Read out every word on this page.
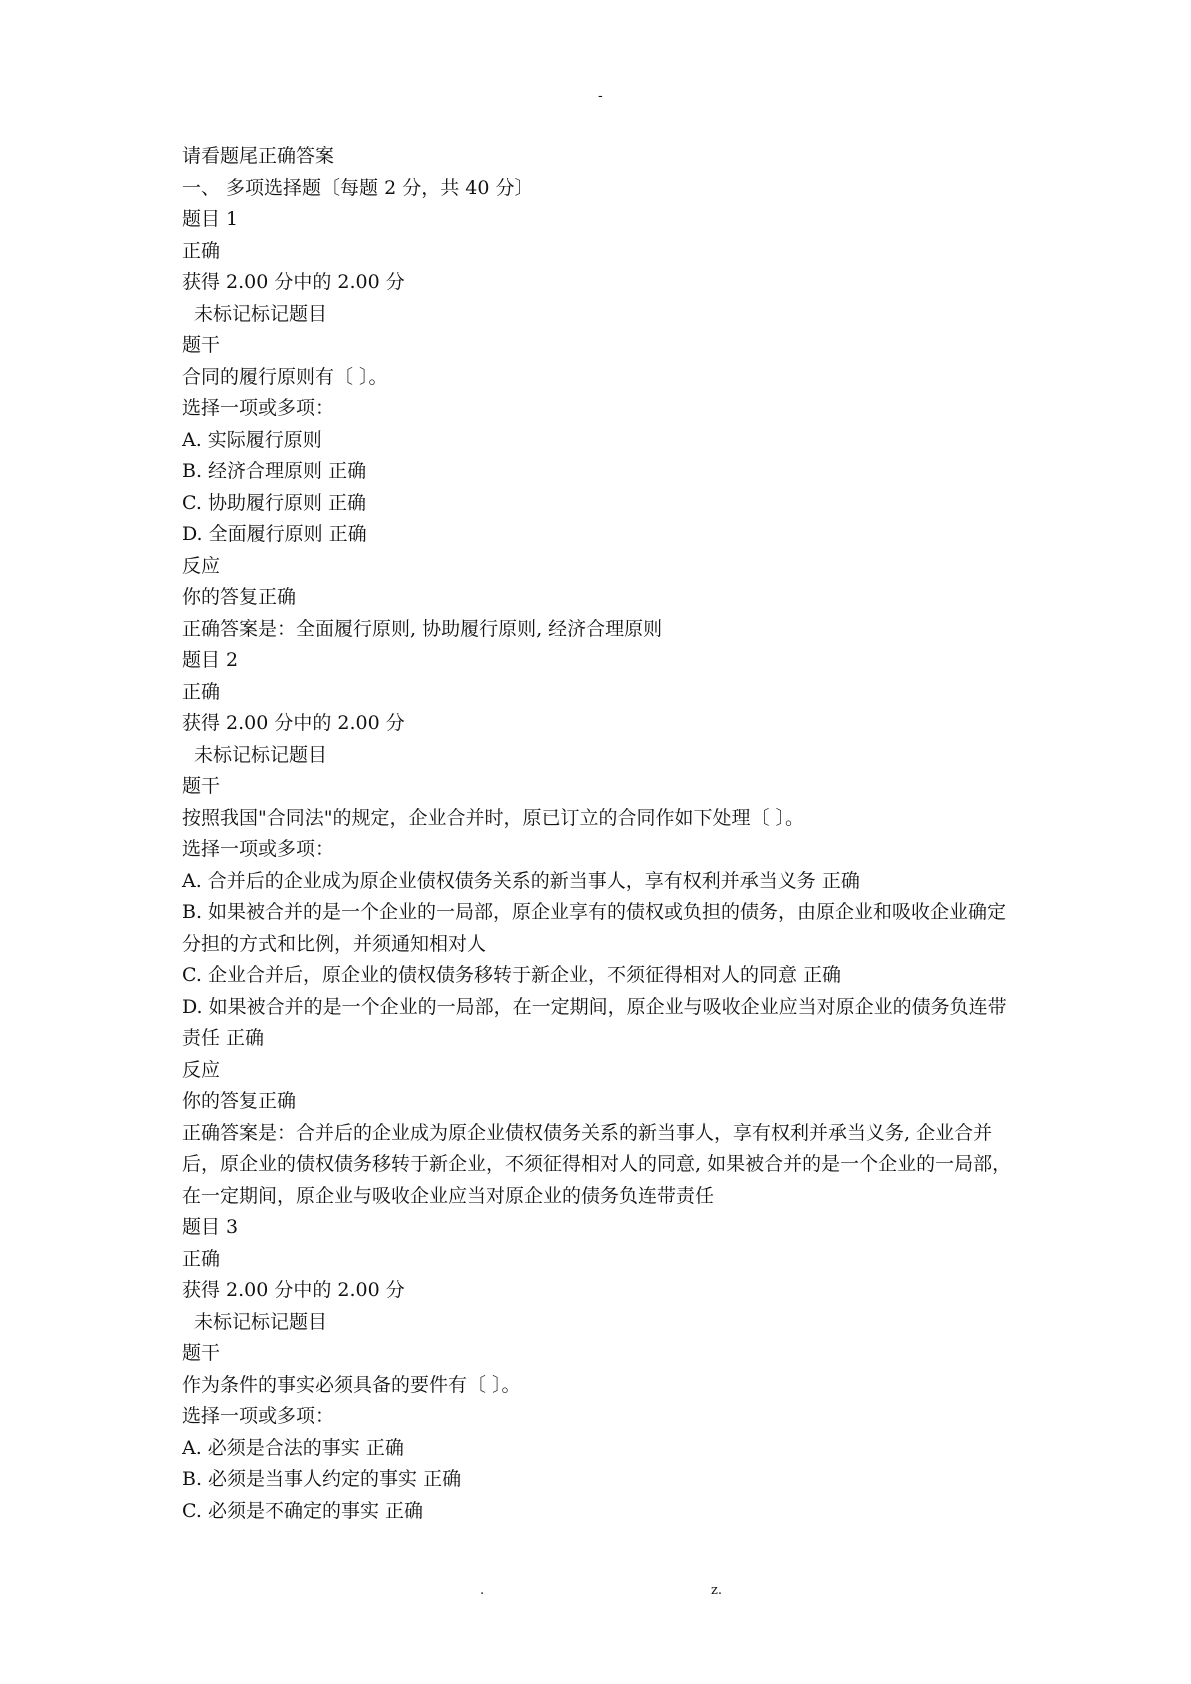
-

请看题尾正确答案

一、 多项选择题〔每题 2 分，共 40 分〕

题目 1

正确

获得 2.00 分中的 2.00 分

未标记标记题目

题干

合同的履行原则有〔 〕。

选择一项或多项：

A. 实际履行原则

B. 经济合理原则 正确

C. 协助履行原则 正确

D. 全面履行原则 正确

反应

你的答复正确

正确答案是：全面履行原则, 协助履行原则, 经济合理原则

题目 2

正确

获得 2.00 分中的 2.00 分

未标记标记题目

题干

按照我国"合同法"的规定，企业合并时，原已订立的合同作如下处理〔 〕。

选择一项或多项：

A. 合并后的企业成为原企业债权债务关系的新当事人，享有权利并承当义务 正确

B. 如果被合并的是一个企业的一局部，原企业享有的债权或负担的债务，由原企业和吸收企业确定分担的方式和比例，并须通知相对人

C. 企业合并后，原企业的债权债务移转于新企业，不须征得相对人的同意 正确

D. 如果被合并的是一个企业的一局部，在一定期间，原企业与吸收企业应当对原企业的债务负连带责任 正确

反应

你的答复正确

正确答案是：合并后的企业成为原企业债权债务关系的新当事人，享有权利并承当义务, 企业合并后，原企业的债权债务移转于新企业，不须征得相对人的同意, 如果被合并的是一个企业的一局部，在一定期间，原企业与吸收企业应当对原企业的债务负连带责任

题目 3

正确

获得 2.00 分中的 2.00 分

未标记标记题目

题干

作为条件的事实必须具备的要件有〔 〕。

选择一项或多项：

A. 必须是合法的事实 正确

B. 必须是当事人约定的事实 正确

C. 必须是不确定的事实 正确

.	z.
